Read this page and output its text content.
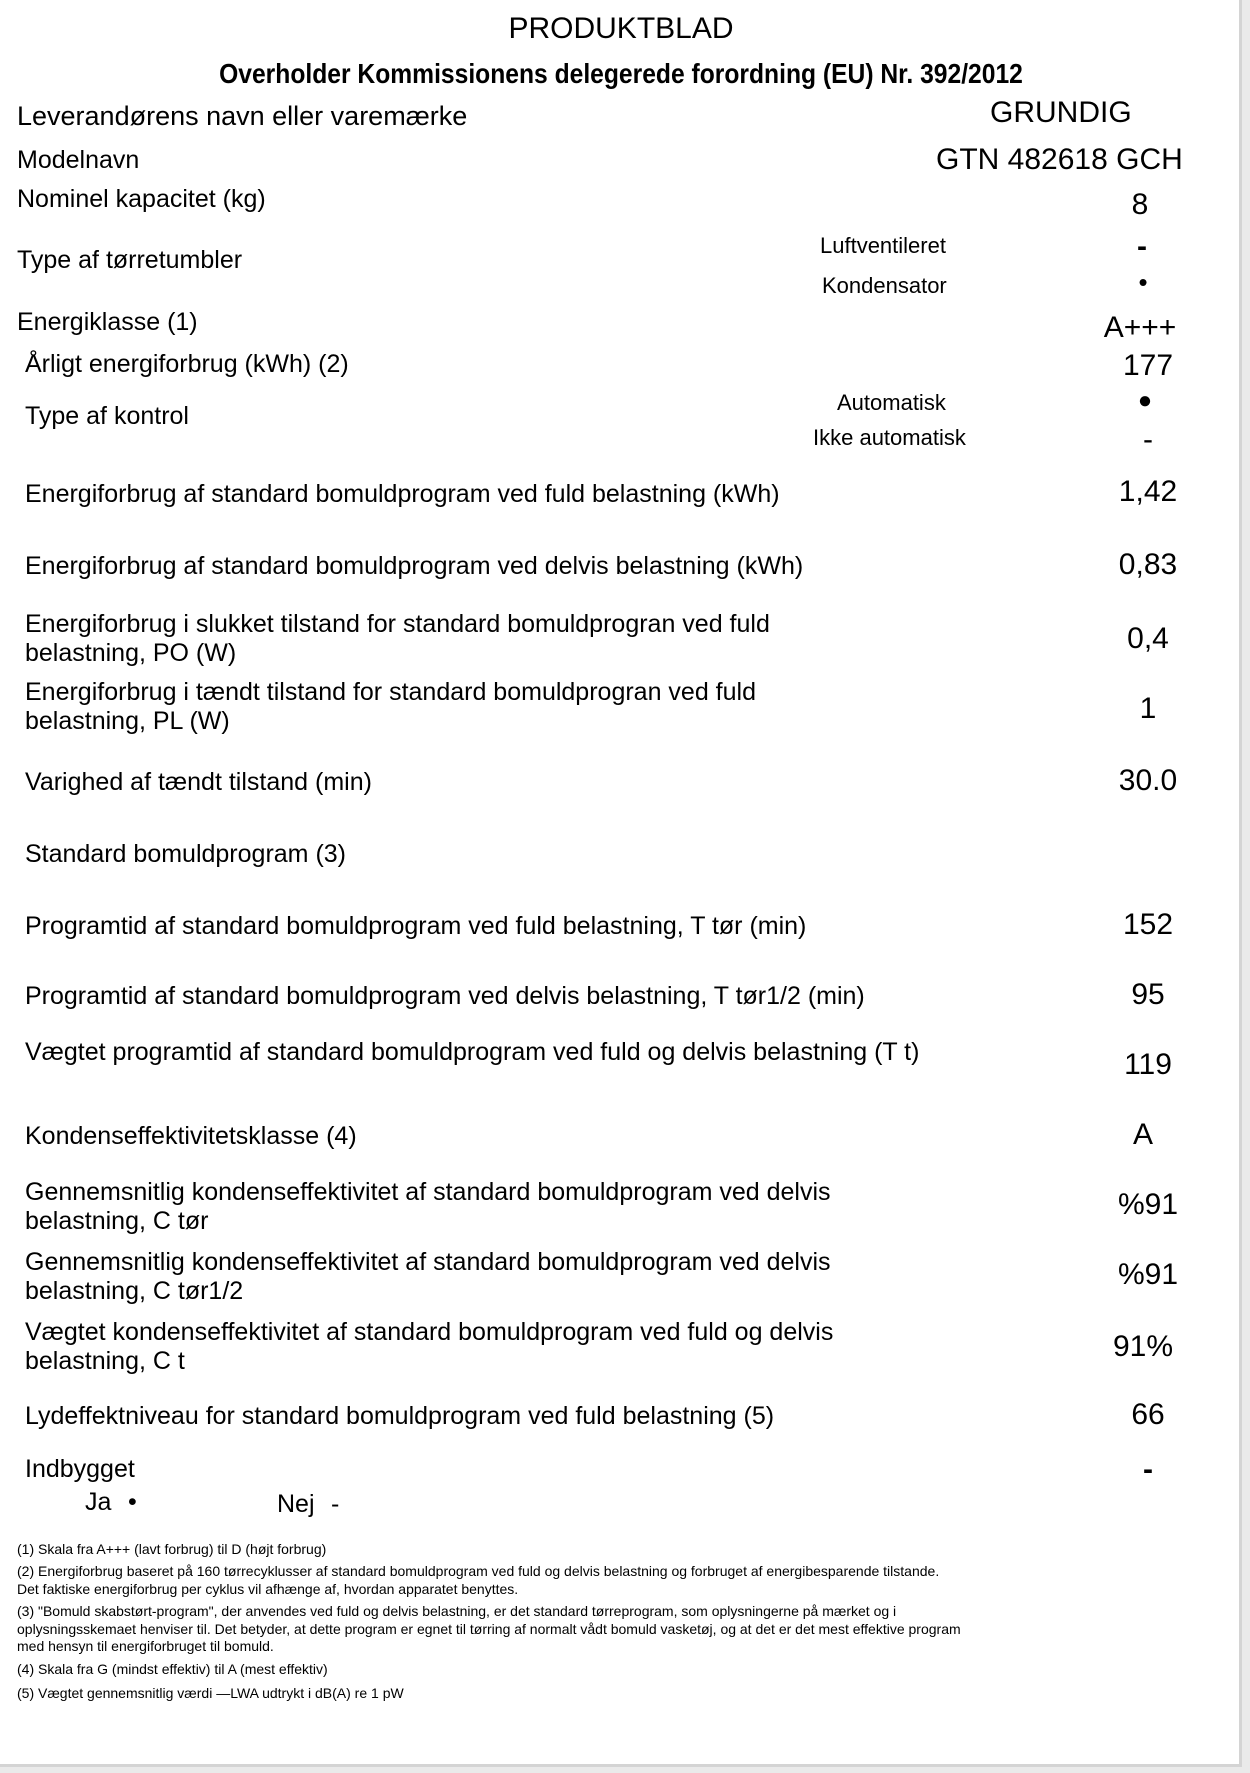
PRODUKTBLAD
Overholder Kommissionens delegerede forordning (EU) Nr. 392/2012
Leverandørens navn eller varemærke	GRUNDIG
Modelnavn	GTN 482618 GCH
Nominel kapacitet (kg)	8
Type af tørretumbler
Luftventileret	-
Kondensator	•
Energiklasse (1)	A+++
Årligt energiforbrug (kWh) (2)	177
Type af kontrol	Automatisk	●
Ikke automatisk	-
Energiforbrug af standard bomuldprogram ved fuld belastning (kWh)	1,42
Energiforbrug af standard bomuldprogram ved delvis belastning (kWh)	0,83
Energiforbrug i slukket tilstand for standard bomuldprogran ved fuld belastning, PO (W)	0,4
Energiforbrug i tændt tilstand for standard bomuldprogran ved fuld belastning, PL (W)	1
Varighed af tændt tilstand (min)	30.0
Standard bomuldprogram (3)
Programtid af standard bomuldprogram ved fuld belastning, T tør (min)	152
Programtid af standard bomuldprogram ved delvis belastning, T tør1/2 (min)	95
Vægtet programtid af standard bomuldprogram ved fuld og delvis belastning (T t)	119
Kondenseffektivitetsklasse (4)	A
Gennemsnitlig kondenseffektivitet af standard bomuldprogram ved delvis belastning, C tør	%91
Gennemsnitlig kondenseffektivitet af standard bomuldprogram ved delvis belastning, C tør1/2	%91
Vægtet kondenseffektivitet af standard bomuldprogram ved fuld og delvis belastning, C t	91%
Lydeffektniveau for standard bomuldprogram ved fuld belastning (5)	66
Indbygget	-
Ja •	Nej -
(1) Skala fra A+++ (lavt forbrug) til D (højt forbrug)
(2) Energiforbrug baseret på 160 tørrecyklusser af standard bomuldprogram ved fuld og delvis belastning og forbruget af energibesparende tilstande. Det faktiske energiforbrug per cyklus vil afhænge af, hvordan apparatet benyttes.
(3) "Bomuld skabstørt-program", der anvendes ved fuld og delvis belastning, er det standard tørreprogram, som oplysningerne på mærket og i oplysningsskemaet henviser til. Det betyder, at dette program er egnet til tørring af normalt vådt bomuld vasketøj, og at det er det mest effektive program med hensyn til energiforbruget til bomuld.
(4) Skala fra G (mindst effektiv) til A (mest effektiv)
(5) Vægtet gennemsnitlig værdi —LWA udtrykt i dB(A) re 1 pW
